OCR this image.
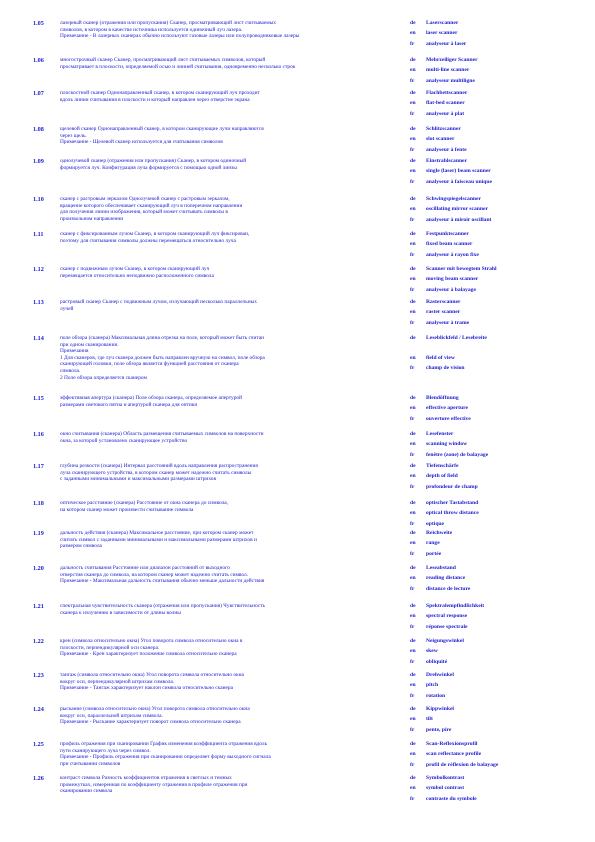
1.05	лазерный сканер (отражения или пропускания) Сканер, просматривающий лист считываемых

символов, в котором в качестве источника используется одиночный луч лазера.

Примечание - В лазерных сканерах обычно используют газовые лазеры или полупроводниковые лазеры

de	Laserscanner
en	laser scanner
fr	analyseur à laser
1.06	многострочный сканер Сканер, просматривающий лист считываемых символов, который

просматривает в плоскости, определяемой осью и линией считывания, одновременно несколько строк

de	Mehrzeiliger Scanner
en	multi-line scanner
fr	analyseur multiligne
1.07	плоскостной сканер Однонаправленный сканер, в котором сканирующий луч проходит

вдоль линии считывания в плоскости и который направлен через отверстие экрана

de	Flachbettscanner
en	flat-bed scanner
fr	analyseur à plat
1.08	щелевой сканер Однонаправленный сканер, в котором сканирующие лучи направляются

через щель.

Примечание - Щелевой сканер используется для считывания символов

de	Schlitzscanner
en	slot scanner
fr	analyseur à fente
1.09	однолучевой сканер (отражения или пропускания) Сканер, в котором одиночный

формируется луч. Конфигурация луча формируется с помощью одной линзы

de	Einstrahlscanner
en	single (laser) beam scanner
fr	analyseur à faisceau unique
1.10	сканер с растровым зеркалом Однолучевой сканер с растровым зеркалом,

вращение которого обеспечивает сканирующий луч в поперечном направлении

для получения линии изображения, который может считывать символы в

произвольном направлении

de	Schwingspiegelscanner
en	oscillating mirror scanner
fr	analyseur à miroir oscillant
1.11	сканер с фиксированным лучом Сканер, в котором сканирующий луч фиксирован,

поэтому для считывания символы должны перемещаться относительно луча

de	Festpunktscanner
en	fixed beam scanner
fr	analyseur à rayon fixe
1.12	сканер с подвижным лучом Сканер, в котором сканирующий луч

перемещается относительно неподвижно расположенного символа

de	Scanner mit bewegtem Strahl
en	moving beam scanner
fr	analyseur à balayage
1.13	растровый сканер Сканер с подвижным лучом, излучающий несколько параллельных

лучей

de	Rasterscanner
en	raster scanner
fr	analyseur à trame
1.14	поле обзора (сканера) Максимальная длина отрезка на поле, который может быть считан

при одном сканировании.

Примечания

1 Для сканеров, где луч сканера должен быть направлен вручную на символ, поле обзора

сканирующей головки, поле обзора является функцией расстояния от сканера

символа.

2 Поле обзора определяется сканером

de	Leseblickfeld / Lesebreite
en	field of view
fr	champ de vision
1.15	эффективная апертура (сканера) Поле обзора сканера, определяемое апертурой

размерами светового пятна и апертурой сканера для оптики

de	Blendöffnung
en	effective aperture
fr	ouverture effective
1.16	окно считывания (сканера) Область размещения считываемых символов на поверхности

окна, за которой установлено сканирующее устройство

de	Lesefenster
en	scanning window
fr	fenêtre (zone) de balayage
1.17	глубина резкости (сканера) Интервал расстояний вдоль направления распространения

луча сканирующего устройства, в котором сканер может надежно считать символы

с заданными минимальными и максимальными размерами штрихов

de	Tiefenschärfe
en	depth of field
fr	profondeur de champ
1.18	оптическое расстояние (сканера) Расстояние от окна сканера до символа,

на котором сканер может произвести считывание символа

de	optischer Tastabstand
en	optical throw distance
fr	optique
1.19	дальность действия (сканера) Максимальное расстояние, при котором сканер может

считать символ с заданными минимальными и максимальными размерами штрихов и

размером символа

de	Reichweite
en	range
fr	portée
1.20	дальность считывания Расстояние или диапазон расстояний от выходного

отверстия сканера до символа, на котором сканер может надежно считать символ.

Примечание - Максимальная дальность считывания обычно меньше дальности действия

de	Leseabstand
en	reading distance
fr	distance de lecture
1.21	спектральная чувствительность сканера (отражения или пропускания) Чувствительность

сканера к излучению в зависимости от длины волны

de	Spektralempfindlichkeit
en	spectral response
fr	réponse spectrale
1.22	крен (символа относительно окна) Угол поворота символа относительно окна в

плоскости, перпендикулярной оси сканера.

Примечание - Крен характеризует положение символа относительно сканера

de	Neigungswinkel
en	skew
fr	obliquité
1.23	тангаж (символа относительно окна) Угол поворота символа относительно окна

вокруг оси, перпендикулярной штрихам символа.

Примечание - Тангаж характеризует наклон символа относительно сканера

de	Drehwinkel
en	pitch
fr	rotation
1.24	рыскание (символа относительно окна) Угол поворота символа относительно окна

вокруг оси, параллельной штрихам символа.

Примечание - Рыскание характеризует поворот символа относительно сканера

de	Kippwinkel
en	tilt
fr	pente, pire
1.25	профиль отражения при сканировании График изменения коэффициента отражения вдоль

пути сканирующего луча через символ.

Примечание - Профиль отражения при сканировании определяет форму выходного сигнала

при считывании символов

de	Scan-Reflexionsprofil
en	scan reflectance profile
fr	profil de réflexion de balayage
1.26	контраст символа Разность коэффициентов отражения в светлых и темных

промежутках, измеренная по коэффициенту отражения в профиле отражения при

сканировании символа

de	Symbolkontrast
en	symbol contrast
fr	contraste du symbole
